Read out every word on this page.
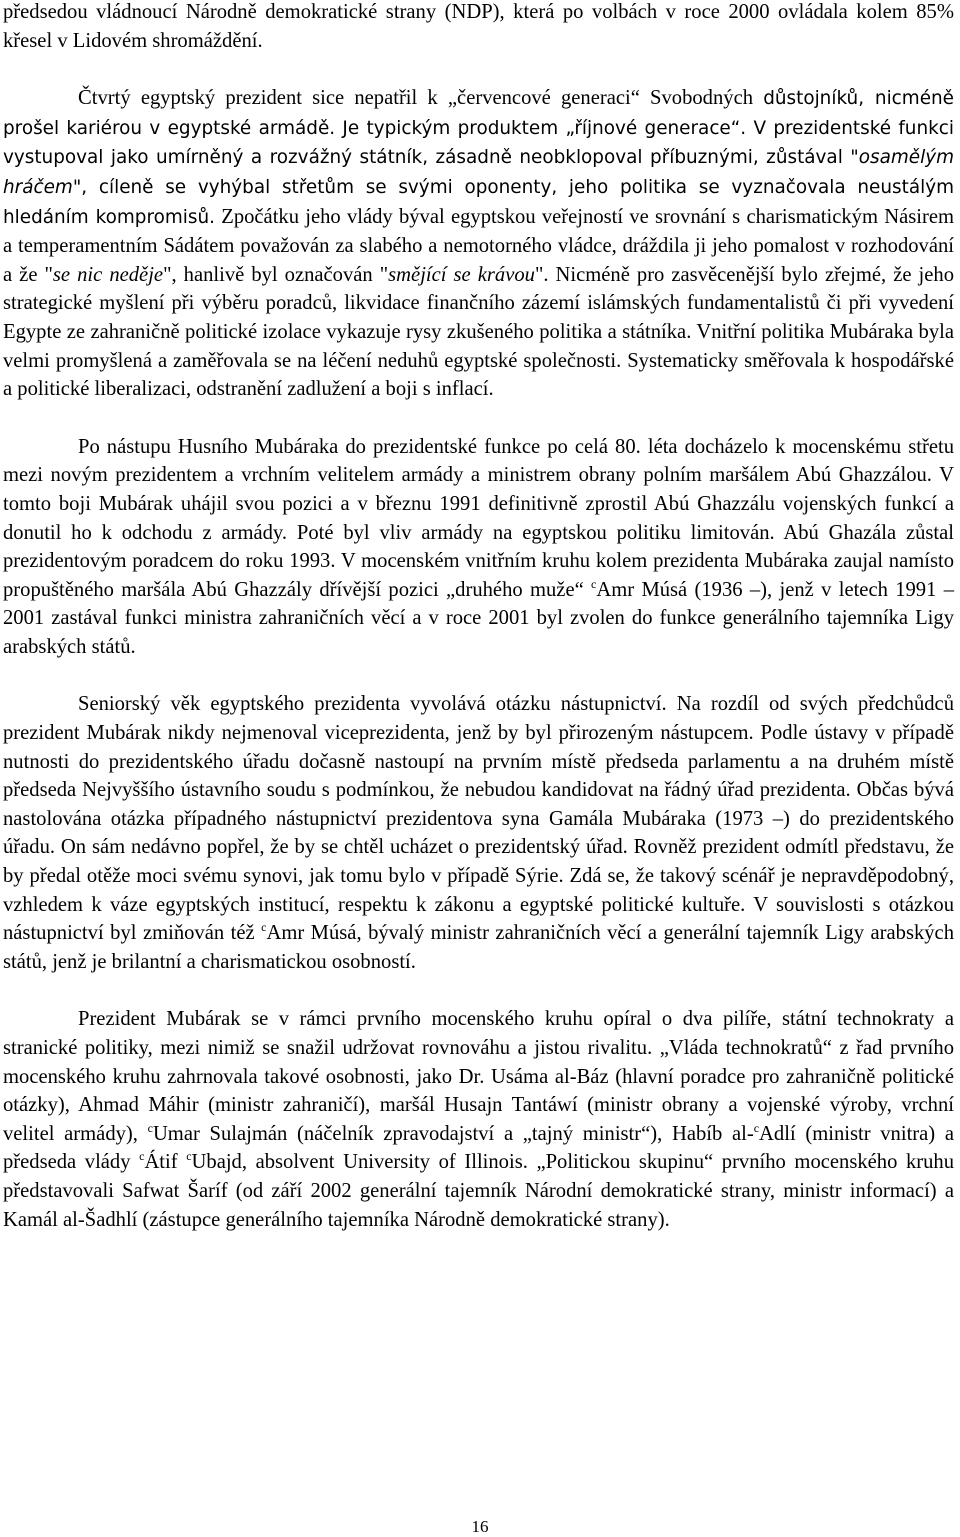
předsedou vládnoucí Národně demokratické strany (NDP), která po volbách v roce 2000 ovládala kolem 85% křesel v Lidovém shromáždění.

Čtvrtý egyptský prezident sice nepatřil k „červencové generaci“ Svobodných důstojníků, nicméně prošel kariérou v egyptské armádě. Je typickým produktem „říjnové generace“. V prezidentské funkci vystupoval jako umírněný a rozvážný státník, zásadně neobklopoval příbuznými, zůstával "osamělým hráčem", cíleně se vyhýbal střetům se svými oponenty, jeho politika se vyznačovala neustálým hledáním kompromisů. Zpočátku jeho vlády býval egyptskou veřejností ve srovnání s charismatickým Násirem a temperamentním Sádátem považován za slabého a nemotorného vládce, dráždila ji jeho pomalost v rozhodování a že "se nic neděje", hanlivě byl označován "smějící se krávou". Nicméně pro zasvěcenější bylo zřejmé, že jeho strategické myšlení při výběru poradců, likvidace finančního zázemí islámských fundamentalistů či při vyvedení Egypte ze zahraničně politické izolace vykazuje rysy zkušeného politika a státníka. Vnitřní politika Mubáraka byla velmi promyšlená a zaměřovala se na léčení neduhů egyptské společnosti. Systematicky směřovala k hospodářské a politické liberalizaci, odstranění zadlužení a boji s inflací.

Po nástupu Husního Mubáraka do prezidentské funkce po celá 80. léta docházelo k mocenskému střetu mezi novým prezidentem a vrchním velitelem armády a ministrem obrany polním maršálem Abú Ghazzálou. V tomto boji Mubárak uhájil svou pozici a v březnu 1991 definitivně zprostil Abú Ghazzálu vojenských funkcí a donutil ho k odchodu z armády. Poté byl vliv armády na egyptskou politiku limitován. Abú Ghazála zůstal prezidentovým poradcem do roku 1993. V mocenském vnitřním kruhu kolem prezidenta Mubáraka zaujal namísto propuštěného maršála Abú Ghazzály dřívější pozici „druhého muže“ $^c$Amr Músá (1936 –), jenž v letech 1991 – 2001 zastával funkci ministra zahraničních věcí a v roce 2001 byl zvolen do funkce generálního tajemníka Ligy arabských států.

Seniorský věk egyptského prezidenta vyvolává otázku nástupnictví. Na rozdíl od svých předchůdců prezident Mubárak nikdy nejmenoval viceprezidenta, jenž by byl přirozeným nástupcem. Podle ústavy v případě nutnosti do prezidentského úřadu dočasně nastoupí na prvním místě předseda parlamentu a na druhém místě předseda Nejvyššího ústavního soudu s podmínkou, že nebudou kandidovat na řádný úřad prezidenta. Občas bývá nastolována otázka případného nástupnictví prezidentova syna Gamála Mubáraka (1973 –) do prezidentského úřadu. On sám nedávno popřel, že by se chtěl ucházet o prezidentský úřad. Rovněž prezident odmítl představu, že by předal otěže moci svému synovi, jak tomu bylo v případě Sýrie. Zdá se, že takový scénář je nepravděpodobný, vzhledem k váze egyptských institucí, respektu k zákonu a egyptské politické kultuře. V souvislosti s otázkou nástupnictví byl zmiňován též $^c$Amr Músá, bývalý ministr zahraničních věcí a generální tajemník Ligy arabských států, jenž je brilantní a charismatickou osobností.

Prezident Mubárak se v rámci prvního mocenského kruhu opíral o dva pilíře, státní technokraty a stranické politiky, mezi nimiž se snažil udržovat rovnováhu a jistou rivalitu. „Vláda technokratů“ z řad prvního mocenského kruhu zahrnovala takové osobnosti, jako Dr. Usáma al-Báz (hlavní poradce pro zahraničně politické otázky), Ahmad Máhir (ministr zahraničí), maršál Husajn Tantáwí (ministr obrany a vojenské výroby, vrchní velitel armády), $^c$Umar Sulajmán (náčelník zpravodajství a „tajný ministr“), Habíb al-$^c$Adlí (ministr vnitra) a předseda vlády $^c$Átif $^c$Ubajd, absolvent University of Illinois. „Politickou skupinu“ prvního mocenského kruhu představovali Safwat Šaríf (od září 2002 generální tajemník Národní demokratické strany, ministr informací) a Kamál al-Šadhlí (zástupce generálního tajemníka Národně demokratické strany).

16
